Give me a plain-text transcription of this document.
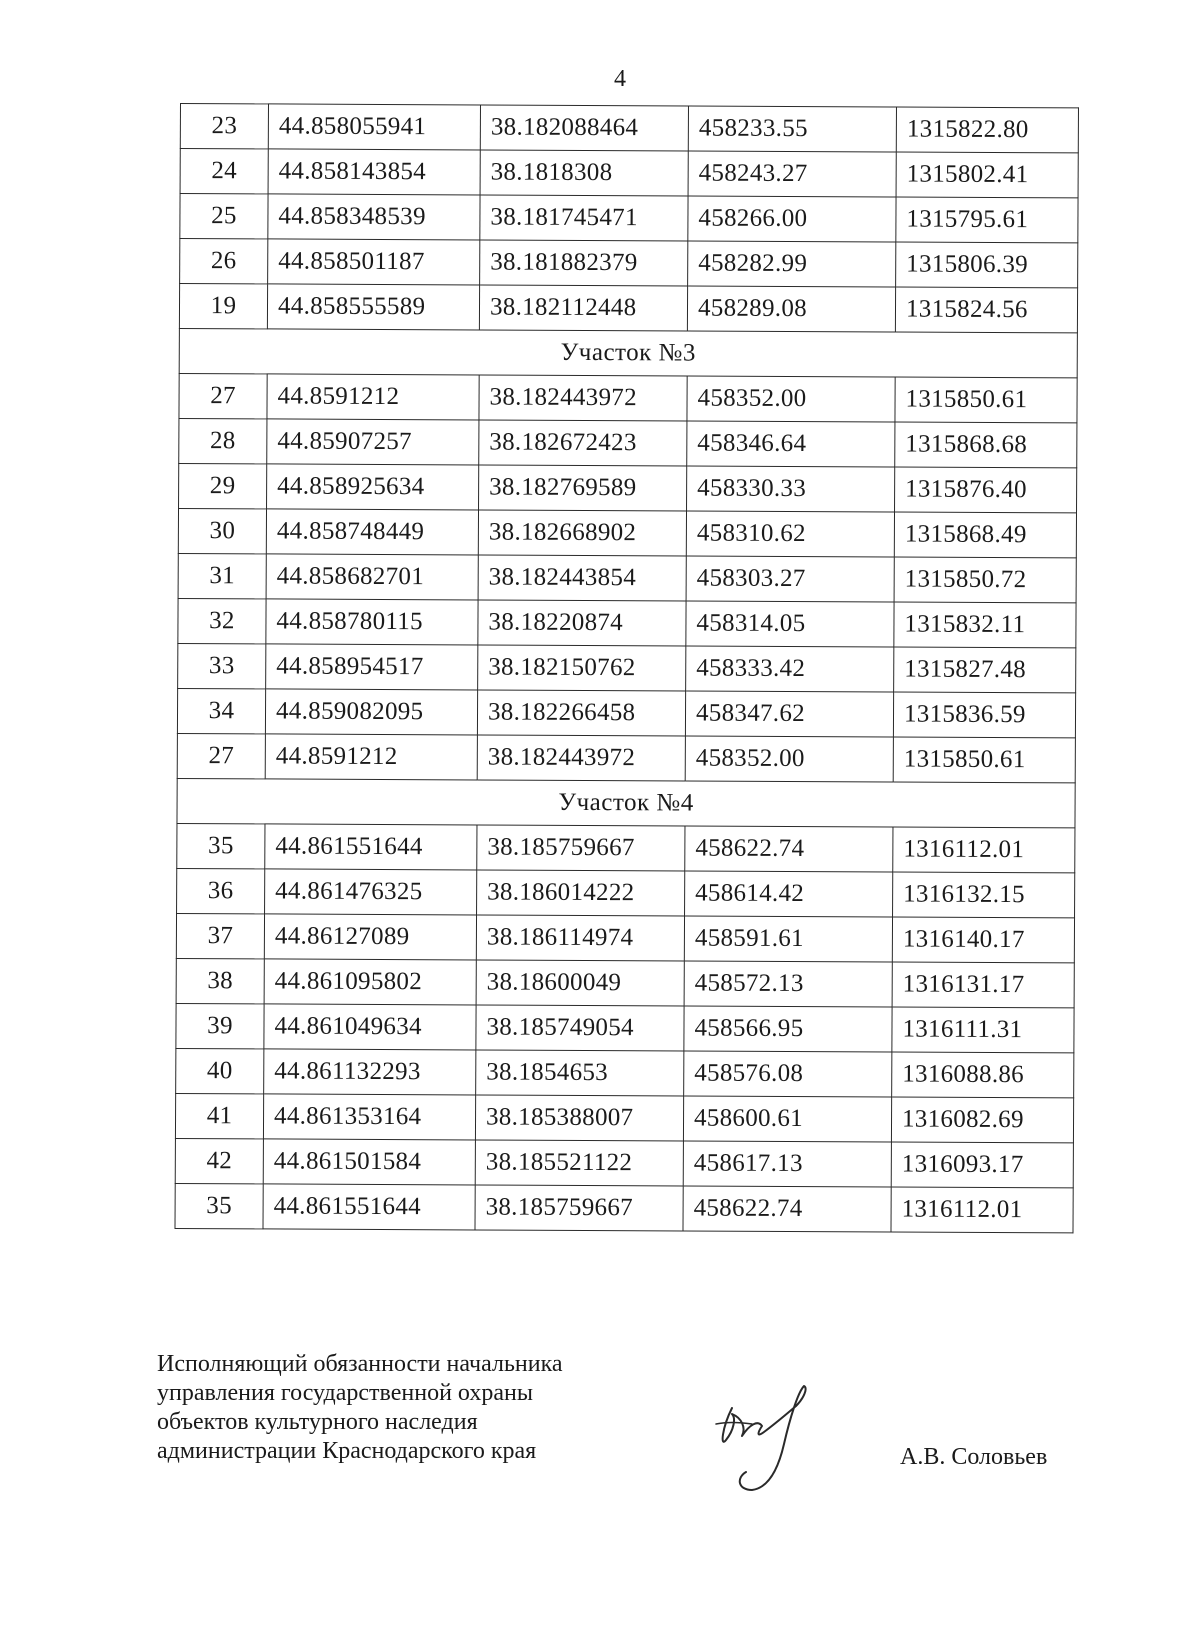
4
23	44.858055941	38.182088464	458233.55	1315822.80
24	44.858143854	38.1818308	458243.27	1315802.41
25	44.858348539	38.181745471	458266.00	1315795.61
26	44.858501187	38.181882379	458282.99	1315806.39
19	44.858555589	38.182112448	458289.08	1315824.56
Участок №3				
27	44.8591212	38.182443972	458352.00	1315850.61
28	44.85907257	38.182672423	458346.64	1315868.68
29	44.858925634	38.182769589	458330.33	1315876.40
30	44.858748449	38.182668902	458310.62	1315868.49
31	44.858682701	38.182443854	458303.27	1315850.72
32	44.858780115	38.18220874	458314.05	1315832.11
33	44.858954517	38.182150762	458333.42	1315827.48
34	44.859082095	38.182266458	458347.62	1315836.59
27	44.8591212	38.182443972	458352.00	1315850.61
Участок №4				
35	44.861551644	38.185759667	458622.74	1316112.01
36	44.861476325	38.186014222	458614.42	1316132.15
37	44.86127089	38.186114974	458591.61	1316140.17
38	44.861095802	38.18600049	458572.13	1316131.17
39	44.861049634	38.185749054	458566.95	1316111.31
40	44.861132293	38.1854653	458576.08	1316088.86
41	44.861353164	38.185388007	458600.61	1316082.69
42	44.861501584	38.185521122	458617.13	1316093.17
35	44.861551644	38.185759667	458622.74	1316112.01
Исполняющий обязанности начальника
управления государственной охраны
объектов культурного наследия
администрации Краснодарского края	А.В. Соловьев
